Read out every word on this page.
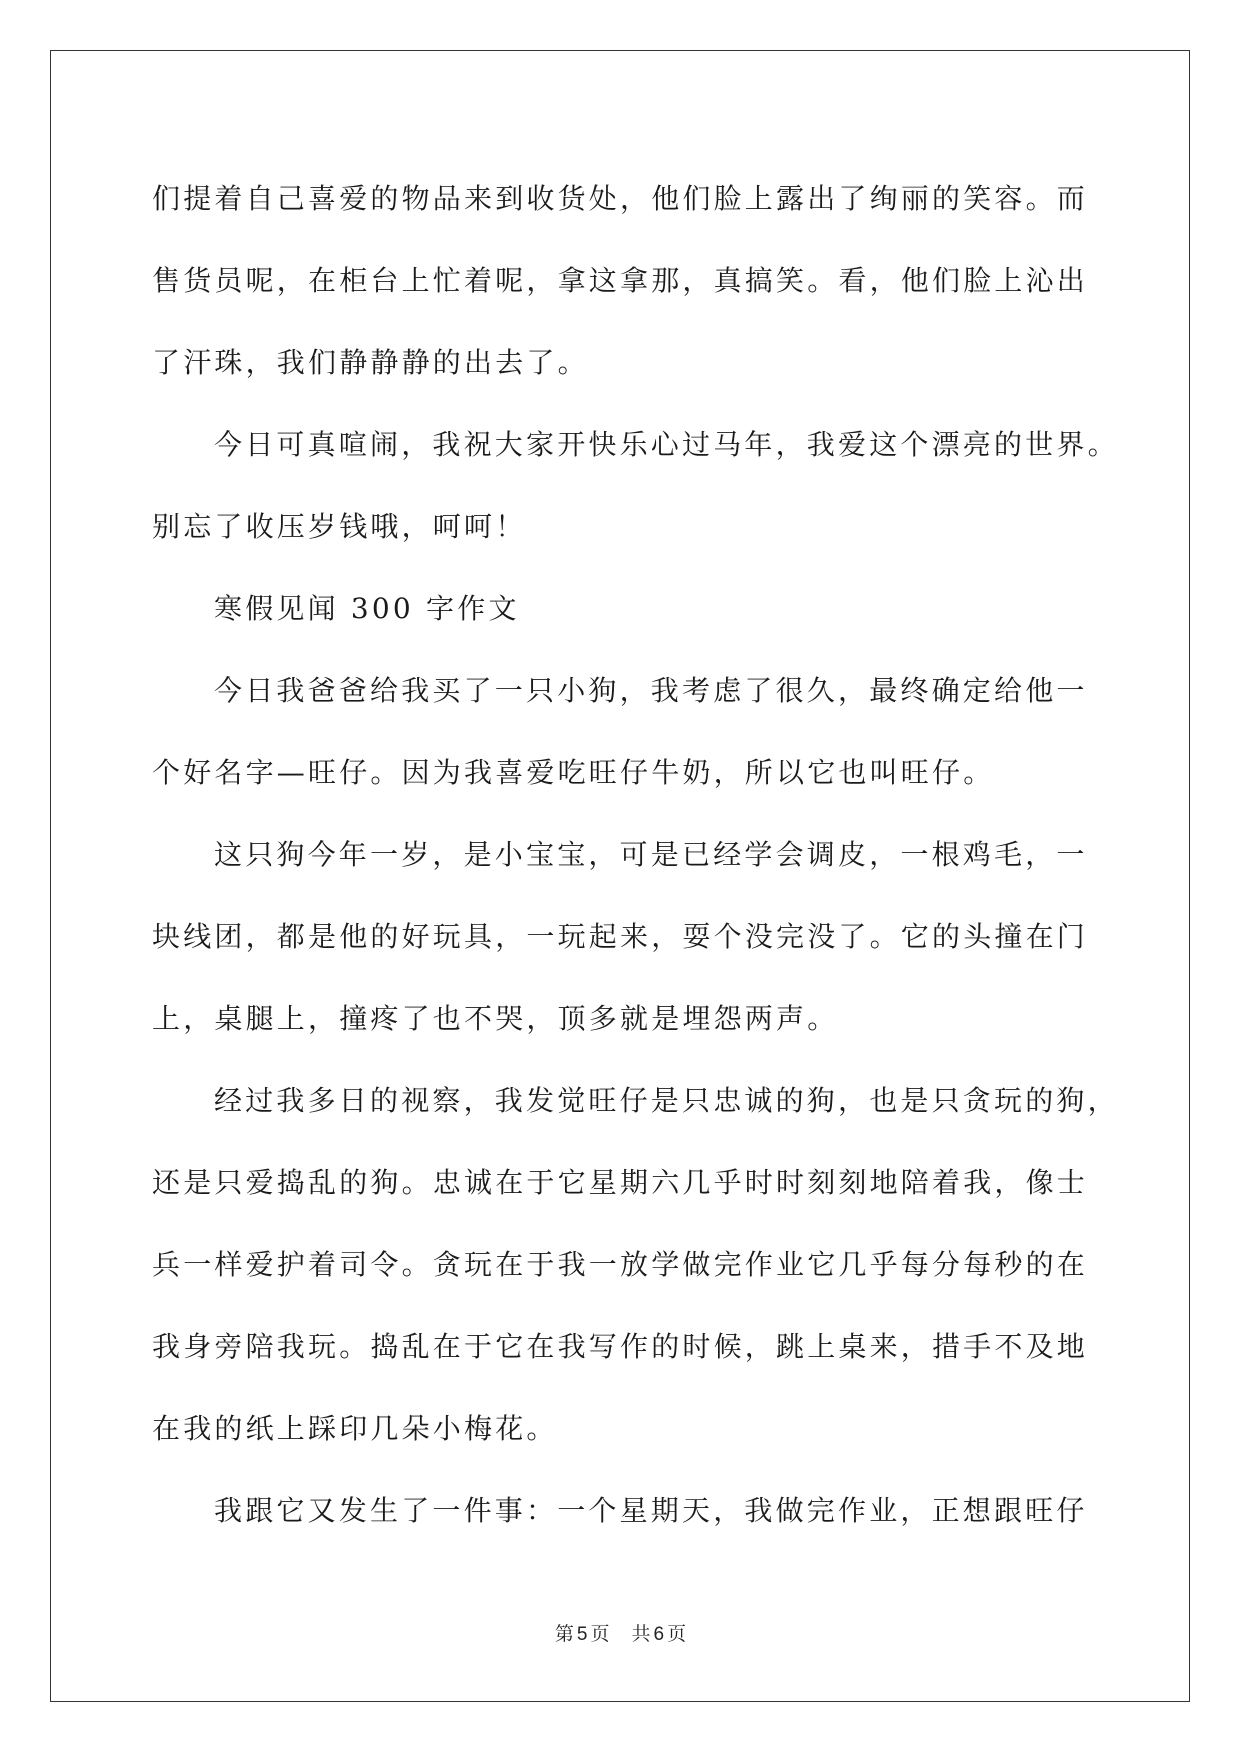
们提着自己喜爱的物品来到收货处，他们脸上露出了绚丽的笑容。而
售货员呢，在柜台上忙着呢，拿这拿那，真搞笑。看，他们脸上沁出
了汗珠，我们静静静的出去了。
今日可真喧闹，我祝大家开快乐心过马年，我爱这个漂亮的世界。
别忘了收压岁钱哦，呵呵！
寒假见闻 300 字作文
今日我爸爸给我买了一只小狗，我考虑了很久，最终确定给他一
个好名字—旺仔。因为我喜爱吃旺仔牛奶，所以它也叫旺仔。
这只狗今年一岁，是小宝宝，可是已经学会调皮，一根鸡毛，一
块线团，都是他的好玩具，一玩起来，耍个没完没了。它的头撞在门
上，桌腿上，撞疼了也不哭，顶多就是埋怨两声。
经过我多日的视察，我发觉旺仔是只忠诚的狗，也是只贪玩的狗，
还是只爱捣乱的狗。忠诚在于它星期六几乎时时刻刻地陪着我，像士
兵一样爱护着司令。贪玩在于我一放学做完作业它几乎每分每秒的在
我身旁陪我玩。捣乱在于它在我写作的时候，跳上桌来，措手不及地
在我的纸上踩印几朵小梅花。
我跟它又发生了一件事：一个星期天，我做完作业，正想跟旺仔
第 5 页 共 6 页
